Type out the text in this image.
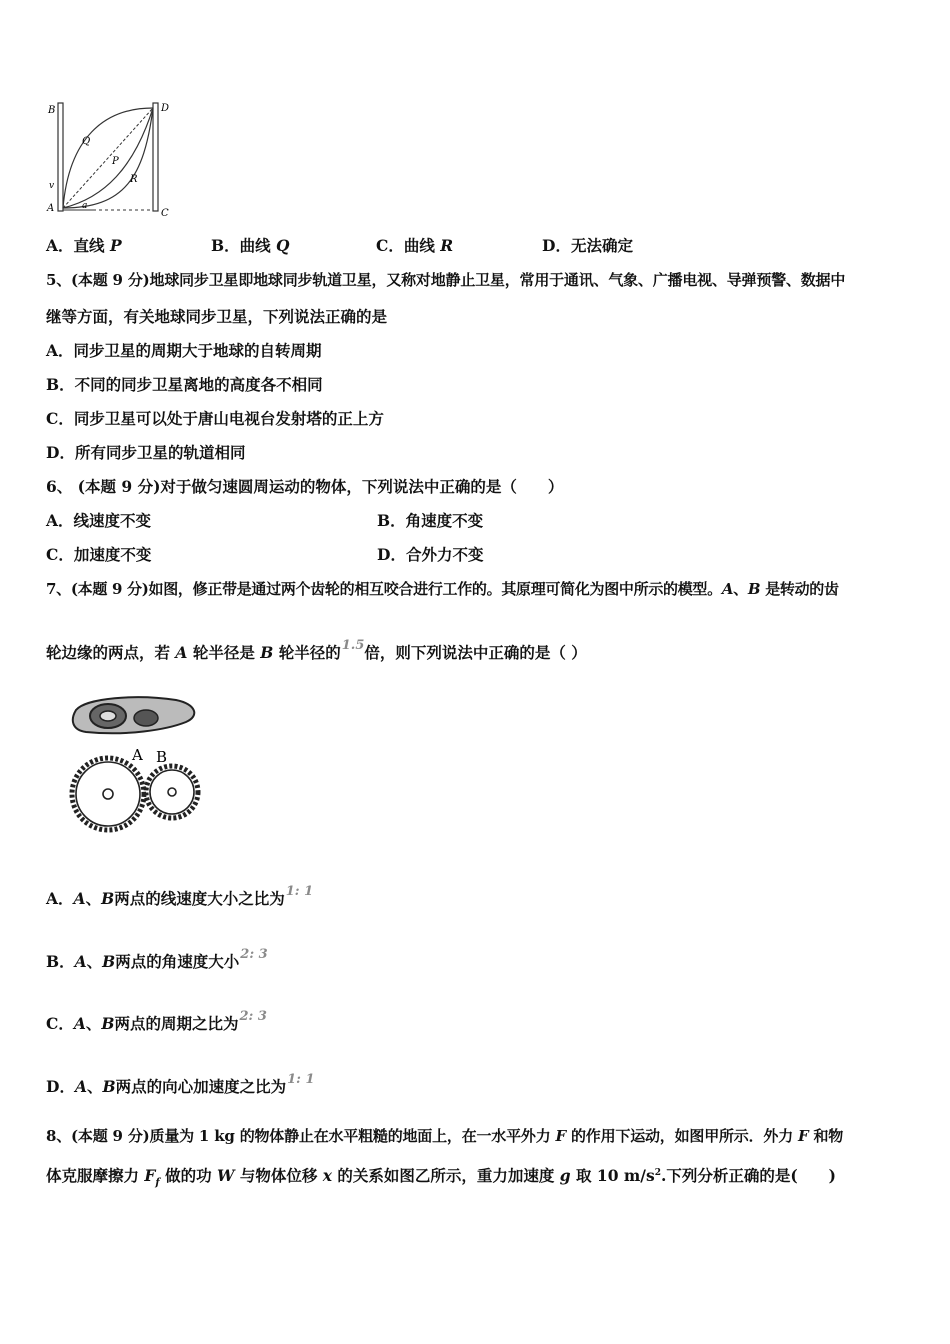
B	D
Q
P
R
v
A	a
C
A．直线 P	B．曲线 Q	C．曲线 R	D．无法确定
5、(本题 9 分)地球同步卫星即地球同步轨道卫星，又称对地静止卫星，常用于通讯、气象、广播电视、导弹预警、数据中
继等方面，有关地球同步卫星，下列说法正确的是
A．同步卫星的周期大于地球的自转周期
B．不同的同步卫星离地的高度各不相同
C．同步卫星可以处于唐山电视台发射塔的正上方
D．所有同步卫星的轨道相同
6、 (本题 9 分)对于做匀速圆周运动的物体，下列说法中正确的是（　　）
A．线速度不变	B．角速度不变
C．加速度不变	D．合外力不变
7、(本题 9 分)如图，修正带是通过两个齿轮的相互咬合进行工作的。其原理可简化为图中所示的模型。A、B 是转动的齿
轮边缘的两点，若 A 轮半径是 B 轮半径的$^{1.5}$倍，则下列说法中正确的是（ ）
A B
A．A、B两点的线速度大小之比为$^{1: 1}$
B．A、B两点的角速度大小$^{2: 3}$
C．A、B两点的周期之比为$^{2: 3}$
D．A、B两点的向心加速度之比为$^{1: 1}$
8、(本题 9 分)质量为 1 kg 的物体静止在水平粗糙的地面上，在一水平外力 F 的作用下运动，如图甲所示．外力 F 和物
体克服摩擦力 $F_f$ 做的功 W 与物体位移 x 的关系如图乙所示，重力加速度 g 取 10 $m/s^2$.下列分析正确的是(　　)
